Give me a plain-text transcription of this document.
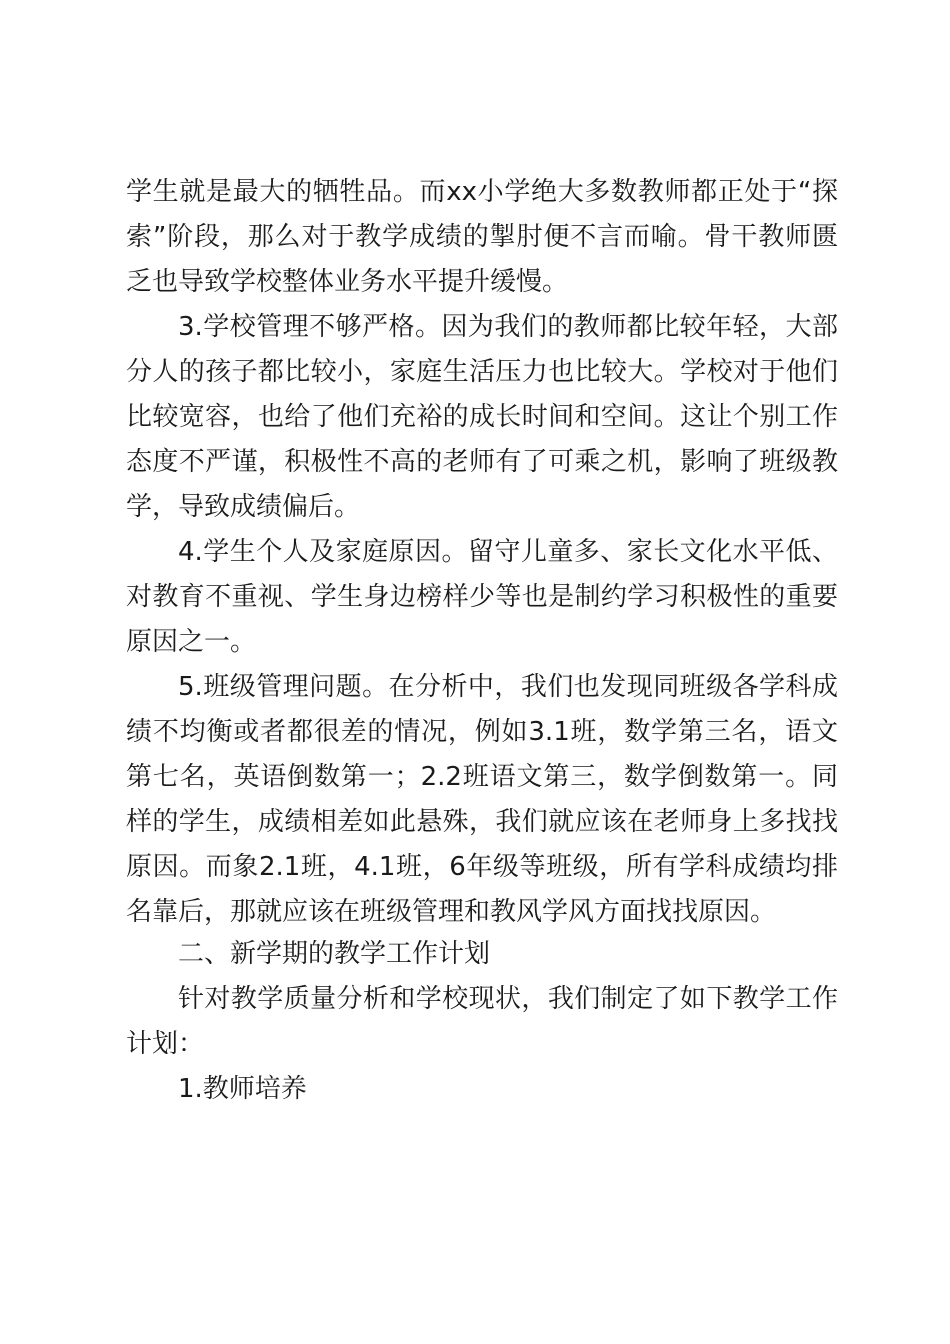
学生就是最大的牺牲品。而xx小学绝大多数教师都正处于“探
索”阶段，那么对于教学成绩的掣肘便不言而喻。骨干教师匮
乏也导致学校整体业务水平提升缓慢。
3.学校管理不够严格。因为我们的教师都比较年轻，大部
分人的孩子都比较小，家庭生活压力也比较大。学校对于他们
比较宽容，也给了他们充裕的成长时间和空间。这让个别工作
态度不严谨，积极性不高的老师有了可乘之机，影响了班级教
学，导致成绩偏后。
4.学生个人及家庭原因。留守儿童多、家长文化水平低、
对教育不重视、学生身边榜样少等也是制约学习积极性的重要
原因之一。
5.班级管理问题。在分析中，我们也发现同班级各学科成
绩不均衡或者都很差的情况，例如3.1班，数学第三名，语文
第七名，英语倒数第一；2.2班语文第三，数学倒数第一。同
样的学生，成绩相差如此悬殊，我们就应该在老师身上多找找
原因。而象2.1班，4.1班，6年级等班级，所有学科成绩均排
名靠后，那就应该在班级管理和教风学风方面找找原因。
二、新学期的教学工作计划
针对教学质量分析和学校现状，我们制定了如下教学工作
计划：
1.教师培养
